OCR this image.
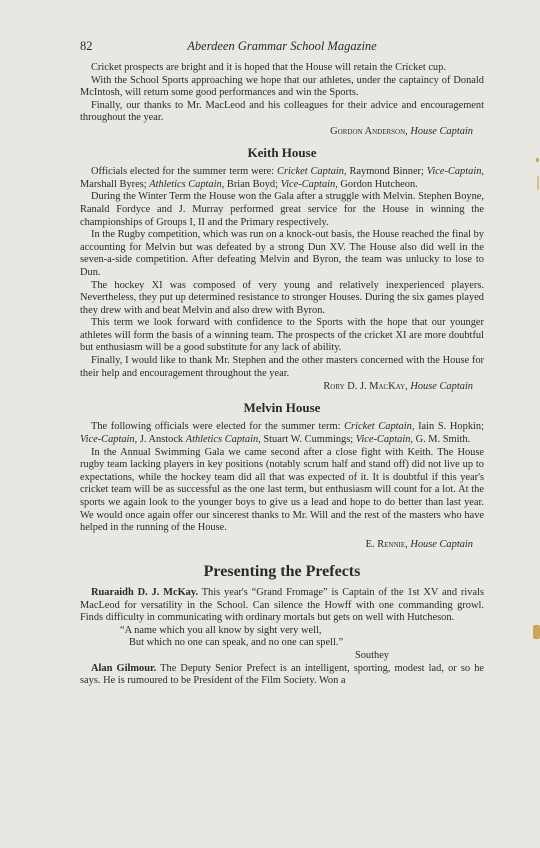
82	Aberdeen Grammar School Magazine

Cricket prospects are bright and it is hoped that the House will retain the Cricket cup.

With the School Sports approaching we hope that our athletes, under the captaincy of Donald McIntosh, will return some good performances and win the Sports.

Finally, our thanks to Mr. MacLeod and his colleagues for their advice and encouragement throughout the year.

Gordon Anderson, House Captain

Keith House

Officials elected for the summer term were: Cricket Captain, Raymond Binner; Vice-Captain, Marshall Byres; Athletics Captain, Brian Boyd; Vice-Captain, Gordon Hutcheon.

During the Winter Term the House won the Gala after a struggle with Melvin. Stephen Boyne, Ranald Fordyce and J. Murray performed great service for the House in winning the championships of Groups I, II and the Primary respectively.

In the Rugby competition, which was run on a knock-out basis, the House reached the final by accounting for Melvin but was defeated by a strong Dun XV. The House also did well in the seven-a-side competition. After defeating Melvin and Byron, the team was unlucky to lose to Dun.

The hockey XI was composed of very young and relatively inexperienced players. Nevertheless, they put up determined resistance to stronger Houses. During the six games played they drew with and beat Melvin and also drew with Byron.

This term we look forward with confidence to the Sports with the hope that our younger athletes will form the basis of a winning team. The prospects of the cricket XI are more doubtful but enthusiasm will be a good substitute for any lack of ability.

Finally, I would like to thank Mr. Stephen and the other masters concerned with the House for their help and encouragement throughout the year.

Rory D. J. MacKay, House Captain

Melvin House

The following officials were elected for the summer term: Cricket Captain, Iain S. Hopkin; Vice-Captain, J. Anstock Athletics Captain, Stuart W. Cummings; Vice-Captain, G. M. Smith.

In the Annual Swimming Gala we came second after a close fight with Keith. The House rugby team lacking players in key positions (notably scrum half and stand off) did not live up to expectations, while the hockey team did all that was expected of it. It is doubtful if this year's cricket team will be as successful as the one last term, but enthusiasm will count for a lot. At the sports we again look to the younger boys to give us a lead and hope to do better than last year. We would once again offer our sincerest thanks to Mr. Will and the rest of the masters who have helped in the running of the House.

E. Rennie, House Captain

Presenting the Prefects

Ruaraidh D. J. McKay. This year's “Grand Fromage” is Captain of the 1st XV and rivals MacLeod for versatility in the School. Can silence the Howff with one commanding growl. Finds difficulty in communicating with ordinary mortals but gets on well with Hutcheson.

“A name which you all know by sight very well,

But which no one can speak, and no one can spell.”

Southey

Alan Gilmour. The Deputy Senior Prefect is an intelligent, sporting, modest lad, or so he says. He is rumoured to be President of the Film Society. Won a
